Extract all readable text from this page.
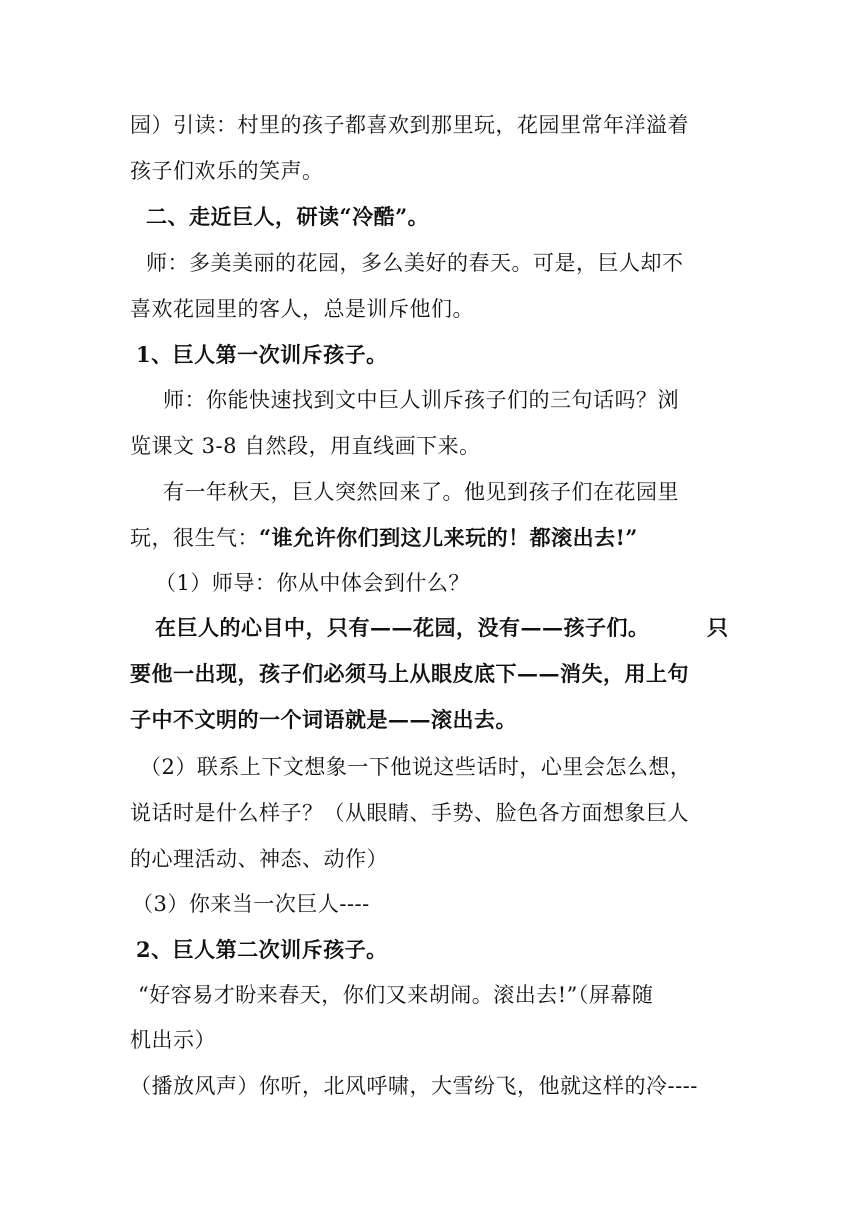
园）引读：村里的孩子都喜欢到那里玩，花园里常年洋溢着
孩子们欢乐的笑声。
二、走近巨人，研读“冷酷”。
师：多美美丽的花园，多么美好的春天。可是，巨人却不
喜欢花园里的客人，总是训斥他们。
1、巨人第一次训斥孩子。
师：你能快速找到文中巨人训斥孩子们的三句话吗？浏
览课文 3-8 自然段，用直线画下来。
有一年秋天，巨人突然回来了。他见到孩子们在花园里
玩，很生气：“谁允许你们到这儿来玩的！都滚出去!”
（1）师导：你从中体会到什么？
在巨人的心目中，只有——花园，没有——孩子们。	只
要他一出现，孩子们必须马上从眼皮底下——消失，用上句
子中不文明的一个词语就是——滚出去。
（2）联系上下文想象一下他说这些话时，心里会怎么想，
说话时是什么样子？（从眼睛、手势、脸色各方面想象巨人
的心理活动、神态、动作）
（3）你来当一次巨人----
2、巨人第二次训斥孩子。
“好容易才盼来春天，你们又来胡闹。滚出去!”（屏幕随
机出示）
（播放风声）你听，北风呼啸，大雪纷飞，他就这样的冷----
